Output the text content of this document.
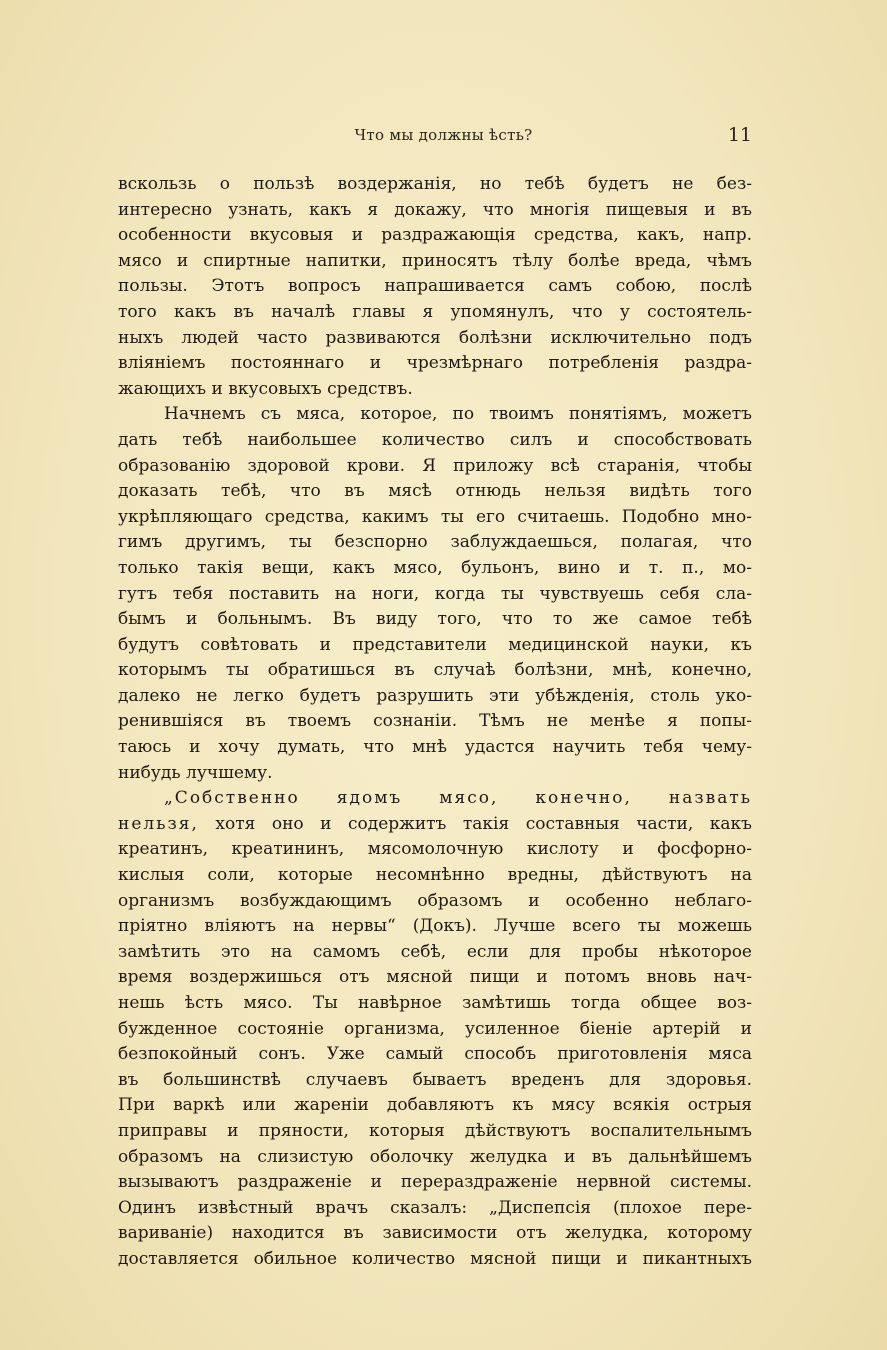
Что мы должны ѣсть?	11
вскользь о пользѣ воздержанія, но тебѣ будетъ не без-
интересно узнать, какъ я докажу, что многія пищевыя и въ
особенности вкусовыя и раздражающія средства, какъ, напр.
мясо и спиртные напитки, приносятъ тѣлу болѣе вреда, чѣмъ
пользы. Этотъ вопросъ напрашивается самъ собою, послѣ
того какъ въ началѣ главы я упомянулъ, что у состоятель-
ныхъ людей часто развиваются болѣзни исключительно подъ
вліяніемъ постояннаго и чрезмѣрнаго потребленія раздра-
жающихъ и вкусовыхъ средствъ.
Начнемъ съ мяса, которое, по твоимъ понятіямъ, можетъ
дать тебѣ наибольшее количество силъ и способствовать
образованію здоровой крови. Я приложу всѣ старанія, чтобы
доказать тебѣ, что въ мясѣ отнюдь нельзя видѣть того
укрѣпляющаго средства, какимъ ты его считаешь. Подобно мно-
гимъ другимъ, ты безспорно заблуждаешься, полагая, что
только такія вещи, какъ мясо, бульонъ, вино и т. п., мо-
гутъ тебя поставить на ноги, когда ты чувствуешь себя сла-
бымъ и больнымъ. Въ виду того, что то же самое тебѣ
будутъ совѣтовать и представители медицинской науки, къ
которымъ ты обратишься въ случаѣ болѣзни, мнѣ, конечно,
далеко не легко будетъ разрушить эти убѣжденія, столь уко-
ренившіяся въ твоемъ сознаніи. Тѣмъ не менѣе я попы-
таюсь и хочу думать, что мнѣ удастся научить тебя чему-
нибудь лучшему.
„Собственно ядомъ мясо, конечно, назвать
нельзя, хотя оно и содержитъ такія составныя части, какъ
креатинъ, креатининъ, мясомолочную кислоту и фосфорно-
кислыя соли, которые несомнѣнно вредны, дѣйствуютъ на
организмъ возбуждающимъ образомъ и особенно неблаго-
пріятно вліяютъ на нервы“ (Докъ). Лучше всего ты можешь
замѣтить это на самомъ себѣ, если для пробы нѣкоторое
время воздержишься отъ мясной пищи и потомъ вновь нач-
нешь ѣсть мясо. Ты навѣрное замѣтишь тогда общее воз-
бужденное состояніе организма, усиленное біеніе артерій и
безпокойный сонъ. Уже самый способъ приготовленія мяса
въ большинствѣ случаевъ бываетъ вреденъ для здоровья.
При варкѣ или жареніи добавляютъ къ мясу всякія острыя
приправы и пряности, которыя дѣйствуютъ воспалительнымъ
образомъ на слизистую оболочку желудка и въ дальнѣйшемъ
вызываютъ раздраженіе и перераздраженіе нервной системы.
Одинъ извѣстный врачъ сказалъ: „Диспепсія (плохое пере-
вариваніе) находится въ зависимости отъ желудка, которому
доставляется обильное количество мясной пищи и пикантныхъ
